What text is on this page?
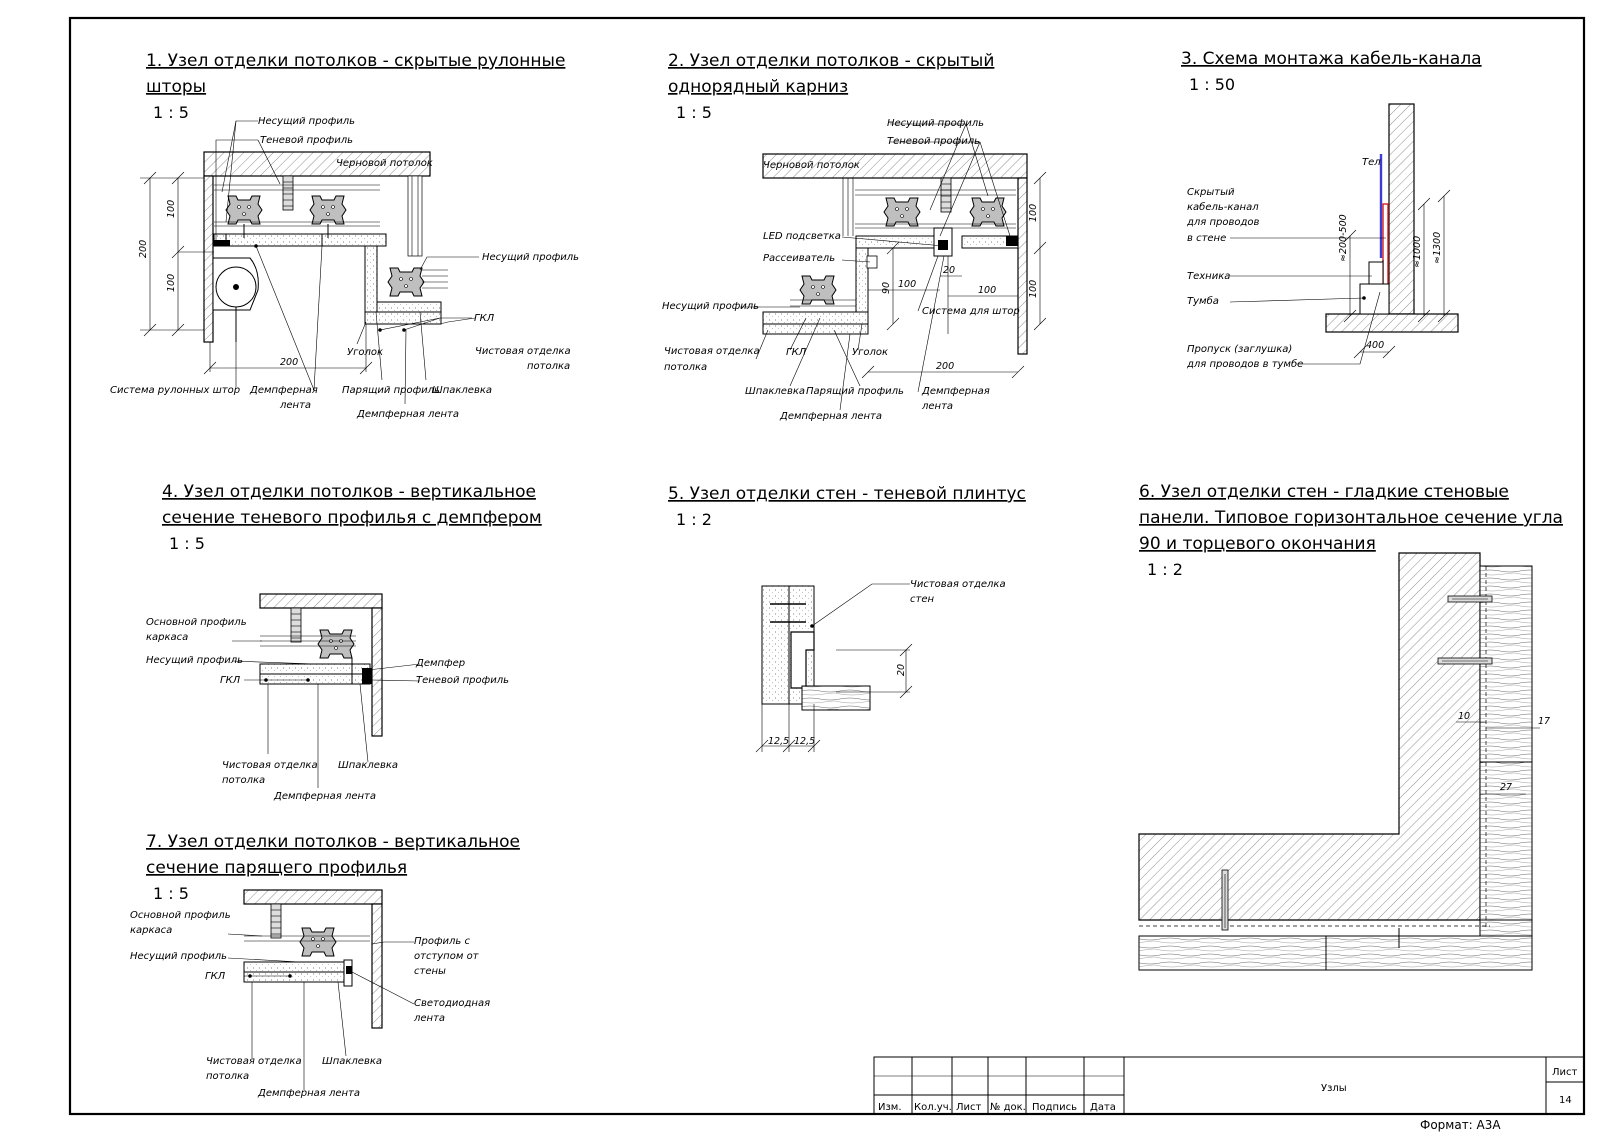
1. Узел отделки потолков - скрытые рулонные
шторы
1 : 5
2. Узел отделки потолков - скрытый
однорядный карниз
1 : 5
3. Схема монтажа кабель-канала
1 : 50
4. Узел отделки потолков - вертикальное
сечение теневого профилья с демпфером
1 : 5
5. Узел отделки стен - теневой плинтус
1 : 2
6. Узел отделки стен - гладкие стеновые
панели. Типовое горизонтальное сечение угла
90 и торцевого окончания
1 : 2
7. Узел отделки потолков - вертикальное
сечение парящего профилья
1 : 5
100
100
200
200
Несущий профиль
Теневой профиль
Черновой потолок
Несущий профиль
ГКЛ
Чистовая отделка
потолка
Уголок
Система рулонных штор Демпферная
лента
Парящий профиль
Шпаклевка
Демпферная лента
100
100
90 100
20
100
200
Несущий профиль
Теневой профиль
Черновой потолок
LED подсветка
Рассеиватель
Несущий профиль
Чистовая отделка
потолка
ГКЛ	Уголок
Система для штор
Шпаклевка Парящий профиль Демпферная
лента
Демпферная лента
≈200-500	≈1000 ≈1300
400
Тел
Скрытый
кабель-канал
для проводов
в стене
Техника
Тумба
Пропуск (заглушка)
для проводов в тумбе
Основной профиль
каркаса
Несущий профиль
ГКЛ
Демпфер
Теневой профиль
Чистовая отделка
потолка
Шпаклевка
Демпферная лента
20
12,5 12,5
Чистовая отделка
стен
10	17
27
Основной профиль
каркаса
Несущий профиль
ГКЛ
Профиль с
отступом от
стены
Светодиодная
лента
Чистовая отделка
потолка
Шпаклевка
Демпферная лента
Изм. Кол.уч. Лист № док. Подпись Дата
Узлы
Лист
14
Формат: А3А
